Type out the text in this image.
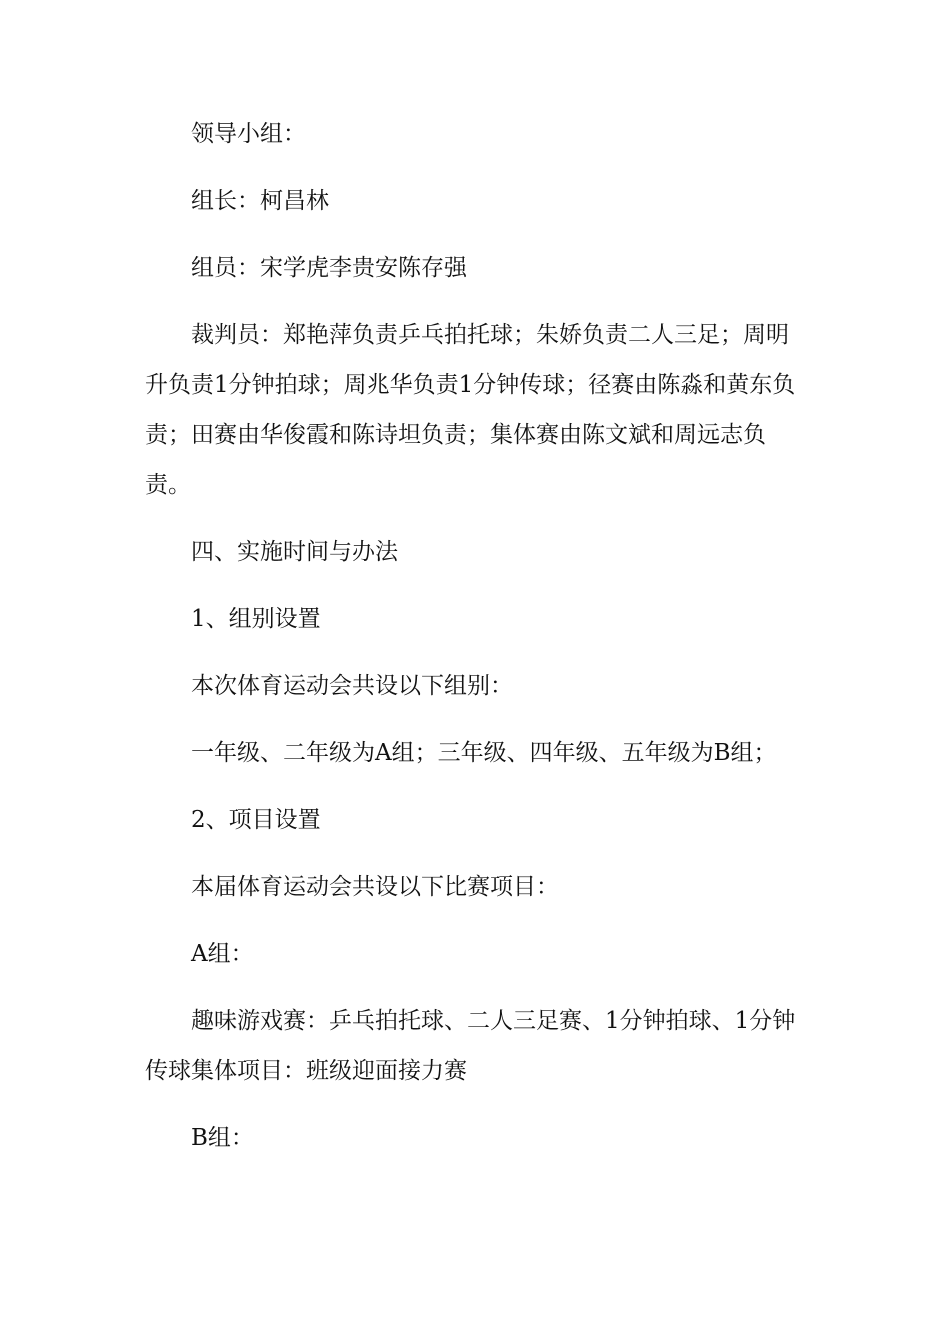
领导小组：

组长：柯昌林

组员：宋学虎李贵安陈存强

裁判员：郑艳萍负责乒乓拍托球；朱娇负责二人三足；周明升负责1分钟拍球；周兆华负责1分钟传球；径赛由陈淼和黄东负责；田赛由华俊霞和陈诗坦负责；集体赛由陈文斌和周远志负责。

四、实施时间与办法

1、组别设置

本次体育运动会共设以下组别：

一年级、二年级为A组；三年级、四年级、五年级为B组；

2、项目设置

本届体育运动会共设以下比赛项目：

A组：

趣味游戏赛：乒乓拍托球、二人三足赛、1分钟拍球、1分钟传球集体项目：班级迎面接力赛

B组：
